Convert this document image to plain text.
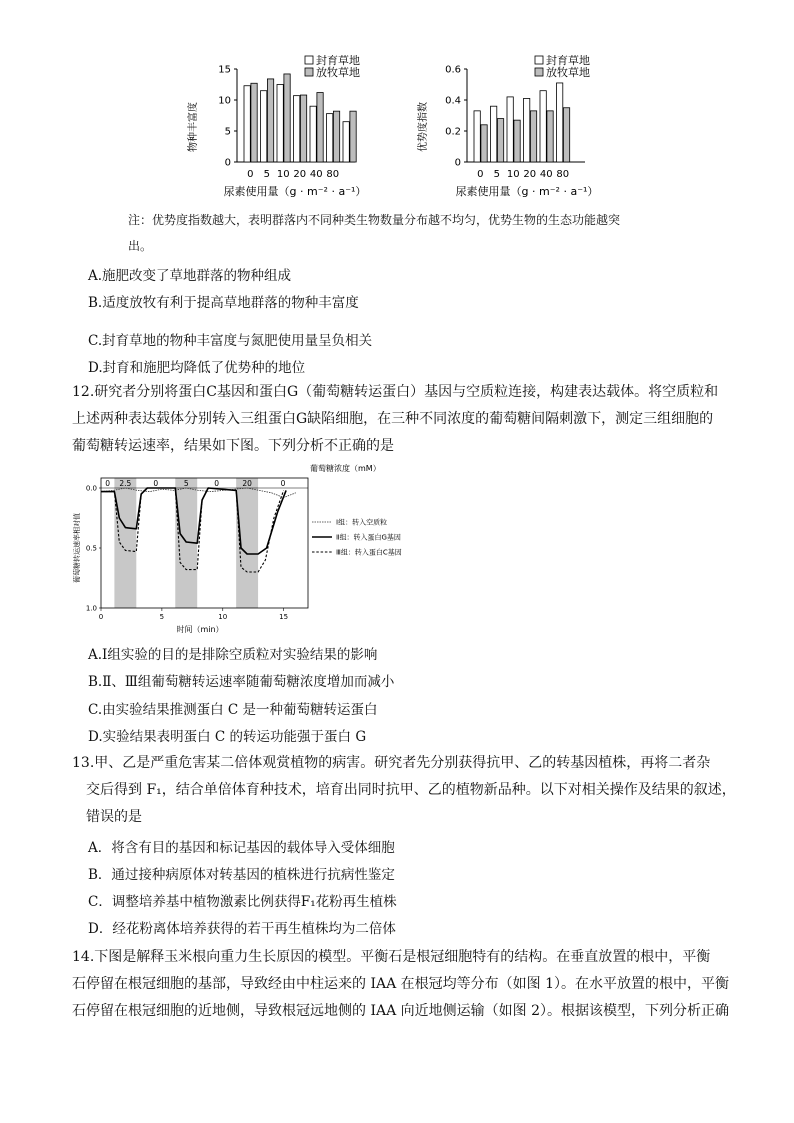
物种丰富度
尿素使用量（g · m⁻² · a⁻¹）
0
5
10
15
0 5 10 20 40 80
封育草地
放牧草地
优势度指数
尿素使用量（g · m⁻² · a⁻¹）
0
0.2
0.4
0.6
0 5 10 20 40 80
封育草地
放牧草地
注：优势度指数越大，表明群落内不同种类生物数量分布越不均匀，优势生物的生态功能越突
出。
A.施肥改变了草地群落的物种组成
B.适度放牧有利于提高草地群落的物种丰富度
C.封育草地的物种丰富度与氮肥使用量呈负相关
D.封育和施肥均降低了优势种的地位
12.研究者分别将蛋白C基因和蛋白G（葡萄糖转运蛋白）基因与空质粒连接，构建表达载体。将空质粒和
上述两种表达载体分别转入三组蛋白G缺陷细胞，在三种不同浓度的葡萄糖间隔刺激下，测定三组细胞的
葡萄糖转运速率，结果如下图。下列分析不正确的是
葡萄糖浓度（mM）
时间（min）
葡萄糖转运速率相对值
0 2.5	0	5	0	20	0
0.0
0.5
1.0
0	5	10	15
Ⅰ组：转入空质粒
Ⅱ组：转入蛋白G基因
Ⅲ组：转入蛋白C基因
A.Ⅰ组实验的目的是排除空质粒对实验结果的影响
B.Ⅱ、Ⅲ组葡萄糖转运速率随葡萄糖浓度增加而减小
C.由实验结果推测蛋白 C 是一种葡萄糖转运蛋白
D.实验结果表明蛋白 C 的转运功能强于蛋白 G
13.甲、乙是严重危害某二倍体观赏植物的病害。研究者先分别获得抗甲、乙的转基因植株，再将二者杂
交后得到 F₁，结合单倍体育种技术，培育出同时抗甲、乙的植物新品种。以下对相关操作及结果的叙述，
错误的是
A．将含有目的基因和标记基因的载体导入受体细胞
B．通过接种病原体对转基因的植株进行抗病性鉴定
C．调整培养基中植物激素比例获得F₁花粉再生植株
D．经花粉离体培养获得的若干再生植株均为二倍体
14.下图是解释玉米根向重力生长原因的模型。平衡石是根冠细胞特有的结构。在垂直放置的根中，平衡
石停留在根冠细胞的基部，导致经由中柱运来的 IAA 在根冠均等分布（如图 1）。在水平放置的根中，平衡
石停留在根冠细胞的近地侧，导致根冠远地侧的 IAA 向近地侧运输（如图 2）。根据该模型，下列分析正确
